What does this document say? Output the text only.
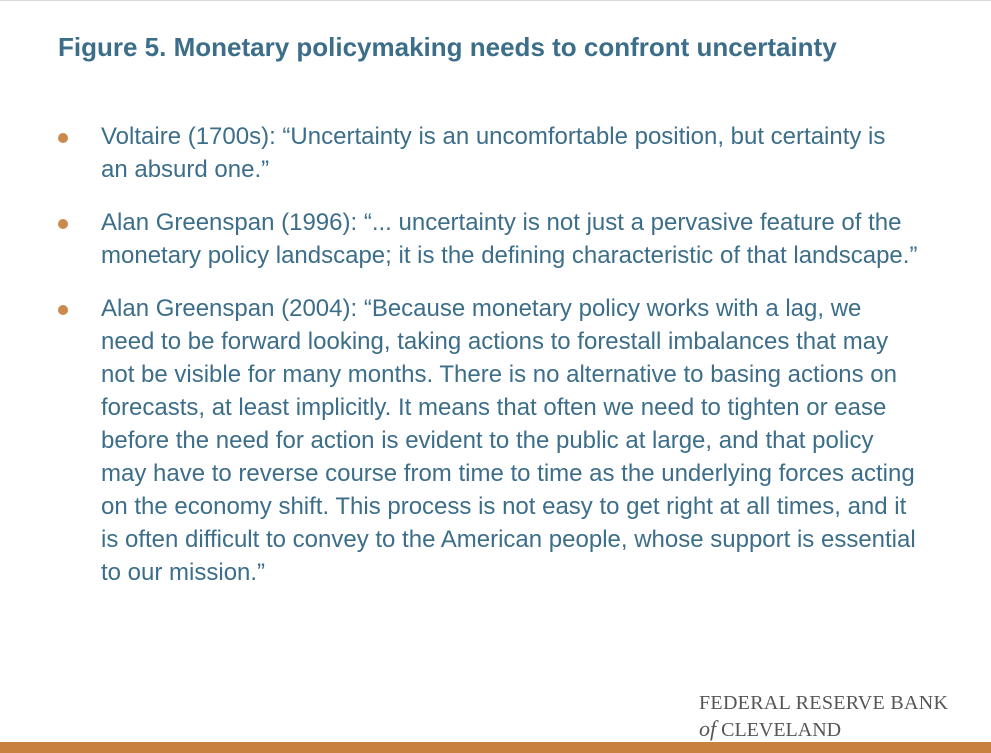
Figure 5. Monetary policymaking needs to confront uncertainty
Voltaire (1700s): “Uncertainty is an uncomfortable position, but certainty is an absurd one.”
Alan Greenspan (1996): “... uncertainty is not just a pervasive feature of the monetary policy landscape; it is the defining characteristic of that landscape.”
Alan Greenspan (2004): “Because monetary policy works with a lag, we need to be forward looking, taking actions to forestall imbalances that may not be visible for many months. There is no alternative to basing actions on forecasts, at least implicitly. It means that often we need to tighten or ease before the need for action is evident to the public at large, and that policy may have to reverse course from time to time as the underlying forces acting on the economy shift. This process is not easy to get right at all times, and it is often difficult to convey to the American people, whose support is essential to our mission.”
FEDERAL RESERVE BANK
of CLEVELAND
